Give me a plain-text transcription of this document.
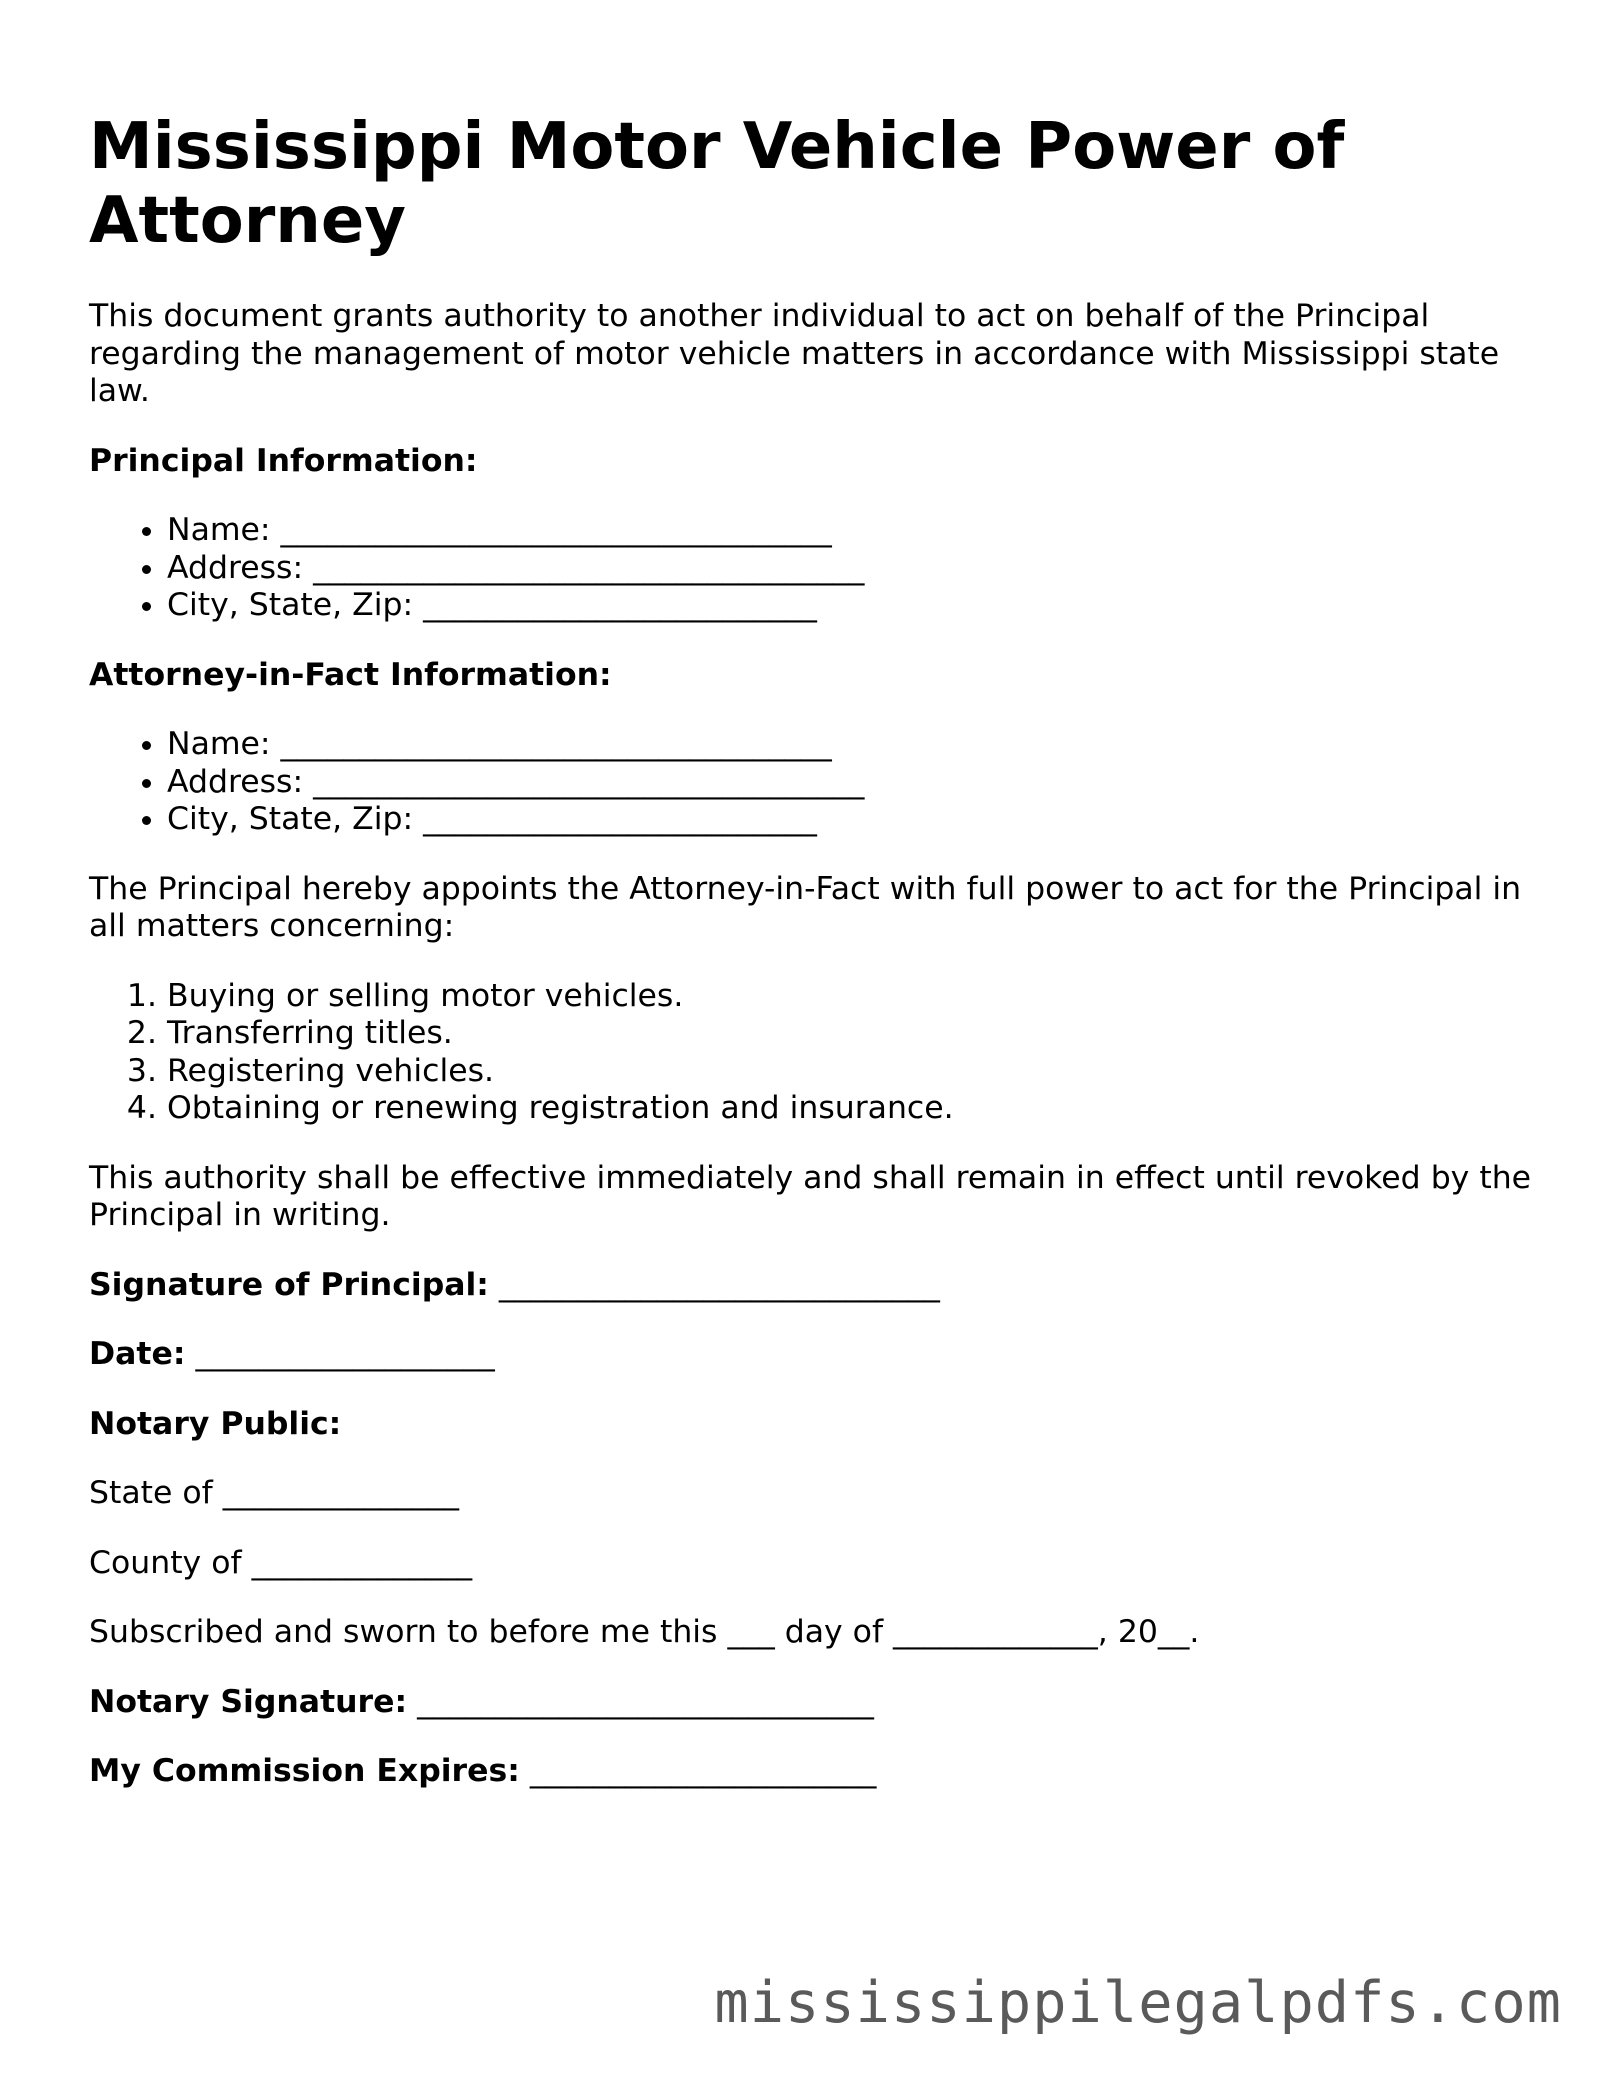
Mississippi Motor Vehicle Power of Attorney

This document grants authority to another individual to act on behalf of the Principal regarding the management of motor vehicle matters in accordance with Mississippi state law.

Principal Information:

• Name: ___________________________________
• Address: ___________________________________
• City, State, Zip: _________________________

Attorney-in-Fact Information:

• Name: ___________________________________
• Address: ___________________________________
• City, State, Zip: _________________________

The Principal hereby appoints the Attorney-in-Fact with full power to act for the Principal in all matters concerning:

1. Buying or selling motor vehicles.
2. Transferring titles.
3. Registering vehicles.
4. Obtaining or renewing registration and insurance.

This authority shall be effective immediately and shall remain in effect until revoked by the Principal in writing.

Signature of Principal: ____________________________

Date: ___________________

Notary Public:

State of _______________

County of ______________

Subscribed and sworn to before me this ___ day of _____________, 20__.

Notary Signature: _____________________________

My Commission Expires: ______________________

mississippilegalpdfs.com
